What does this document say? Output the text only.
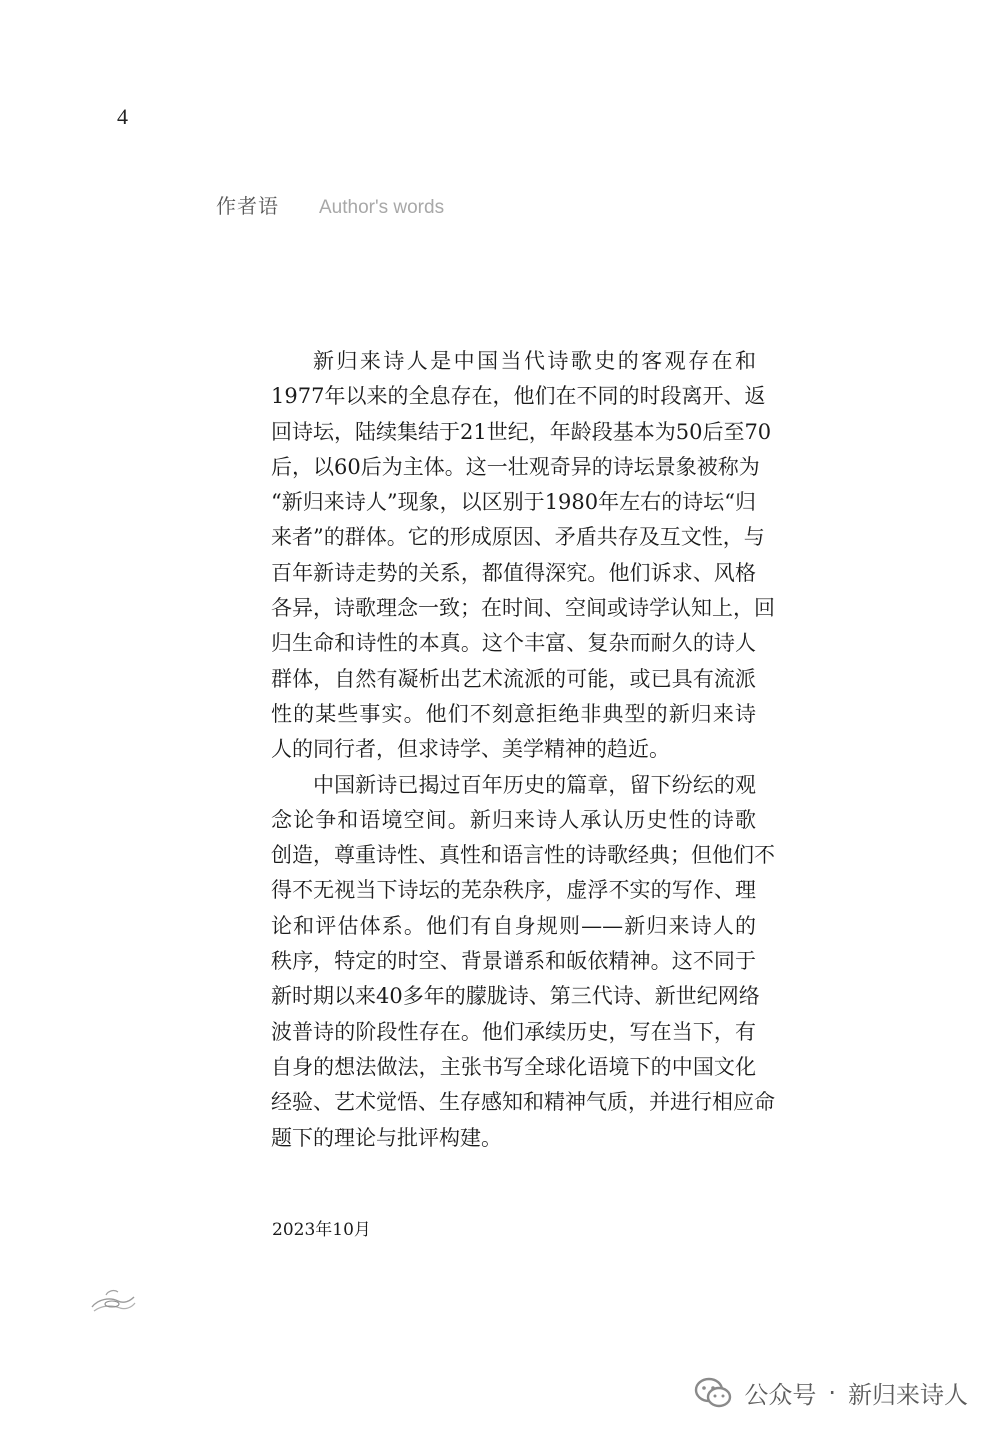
4
作者语 Author's words
新归来诗人是中国当代诗歌史的客观存在和
1977年以来的全息存在，他们在不同的时段离开、返
回诗坛，陆续集结于21世纪，年龄段基本为50后至70
后，以60后为主体。这一壮观奇异的诗坛景象被称为
“新归来诗人”现象，以区别于1980年左右的诗坛“归
来者”的群体。它的形成原因、矛盾共存及互文性，与
百年新诗走势的关系，都值得深究。他们诉求、风格
各异，诗歌理念一致；在时间、空间或诗学认知上，回
归生命和诗性的本真。这个丰富、复杂而耐久的诗人
群体，自然有凝析出艺术流派的可能，或已具有流派
性的某些事实。他们不刻意拒绝非典型的新归来诗
人的同行者，但求诗学、美学精神的趋近。
中国新诗已揭过百年历史的篇章，留下纷纭的观
念论争和语境空间。新归来诗人承认历史性的诗歌
创造，尊重诗性、真性和语言性的诗歌经典；但他们不
得不无视当下诗坛的芜杂秩序，虚浮不实的写作、理
论和评估体系。他们有自身规则——新归来诗人的
秩序，特定的时空、背景谱系和皈依精神。这不同于
新时期以来40多年的朦胧诗、第三代诗、新世纪网络
波普诗的阶段性存在。他们承续历史，写在当下，有
自身的想法做法，主张书写全球化语境下的中国文化
经验、艺术觉悟、生存感知和精神气质，并进行相应命
题下的理论与批评构建。
2023年10月
公众号 · 新归来诗人
